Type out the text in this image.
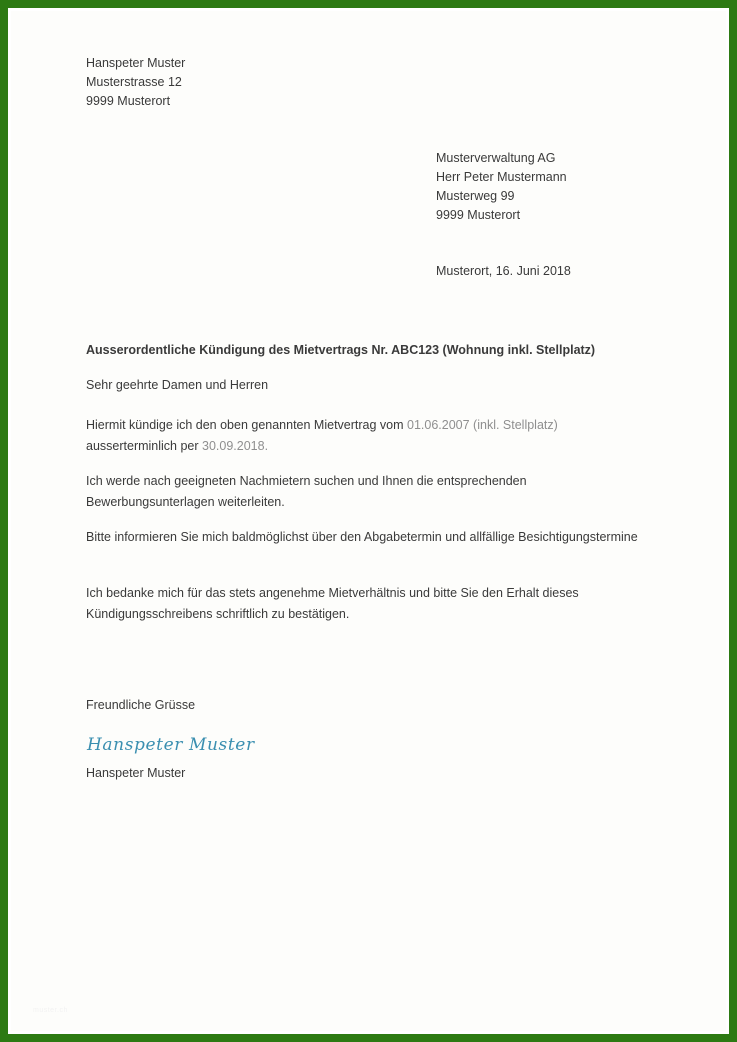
Hanspeter Muster
Musterstrasse 12
9999 Musterort
Musterverwaltung AG
Herr Peter Mustermann
Musterweg 99
9999 Musterort
Musterort, 16. Juni 2018
Ausserordentliche Kündigung des Mietvertrags Nr. ABC123 (Wohnung inkl. Stellplatz)
Sehr geehrte Damen und Herren
Hiermit kündige ich den oben genannten Mietvertrag vom 01.06.2007 (inkl. Stellplatz) ausserterminlich per 30.09.2018.
Ich werde nach geeigneten Nachmietern suchen und Ihnen die entsprechenden Bewerbungsunterlagen weiterleiten.
Bitte informieren Sie mich baldmöglichst über den Abgabetermin und allfällige Besichtigungstermine
Ich bedanke mich für das stets angenehme Mietverhältnis und bitte Sie den Erhalt dieses Kündigungsschreibens schriftlich zu bestätigen.
Freundliche Grüsse
Hanspeter Muster
Hanspeter Muster
muster.ch
